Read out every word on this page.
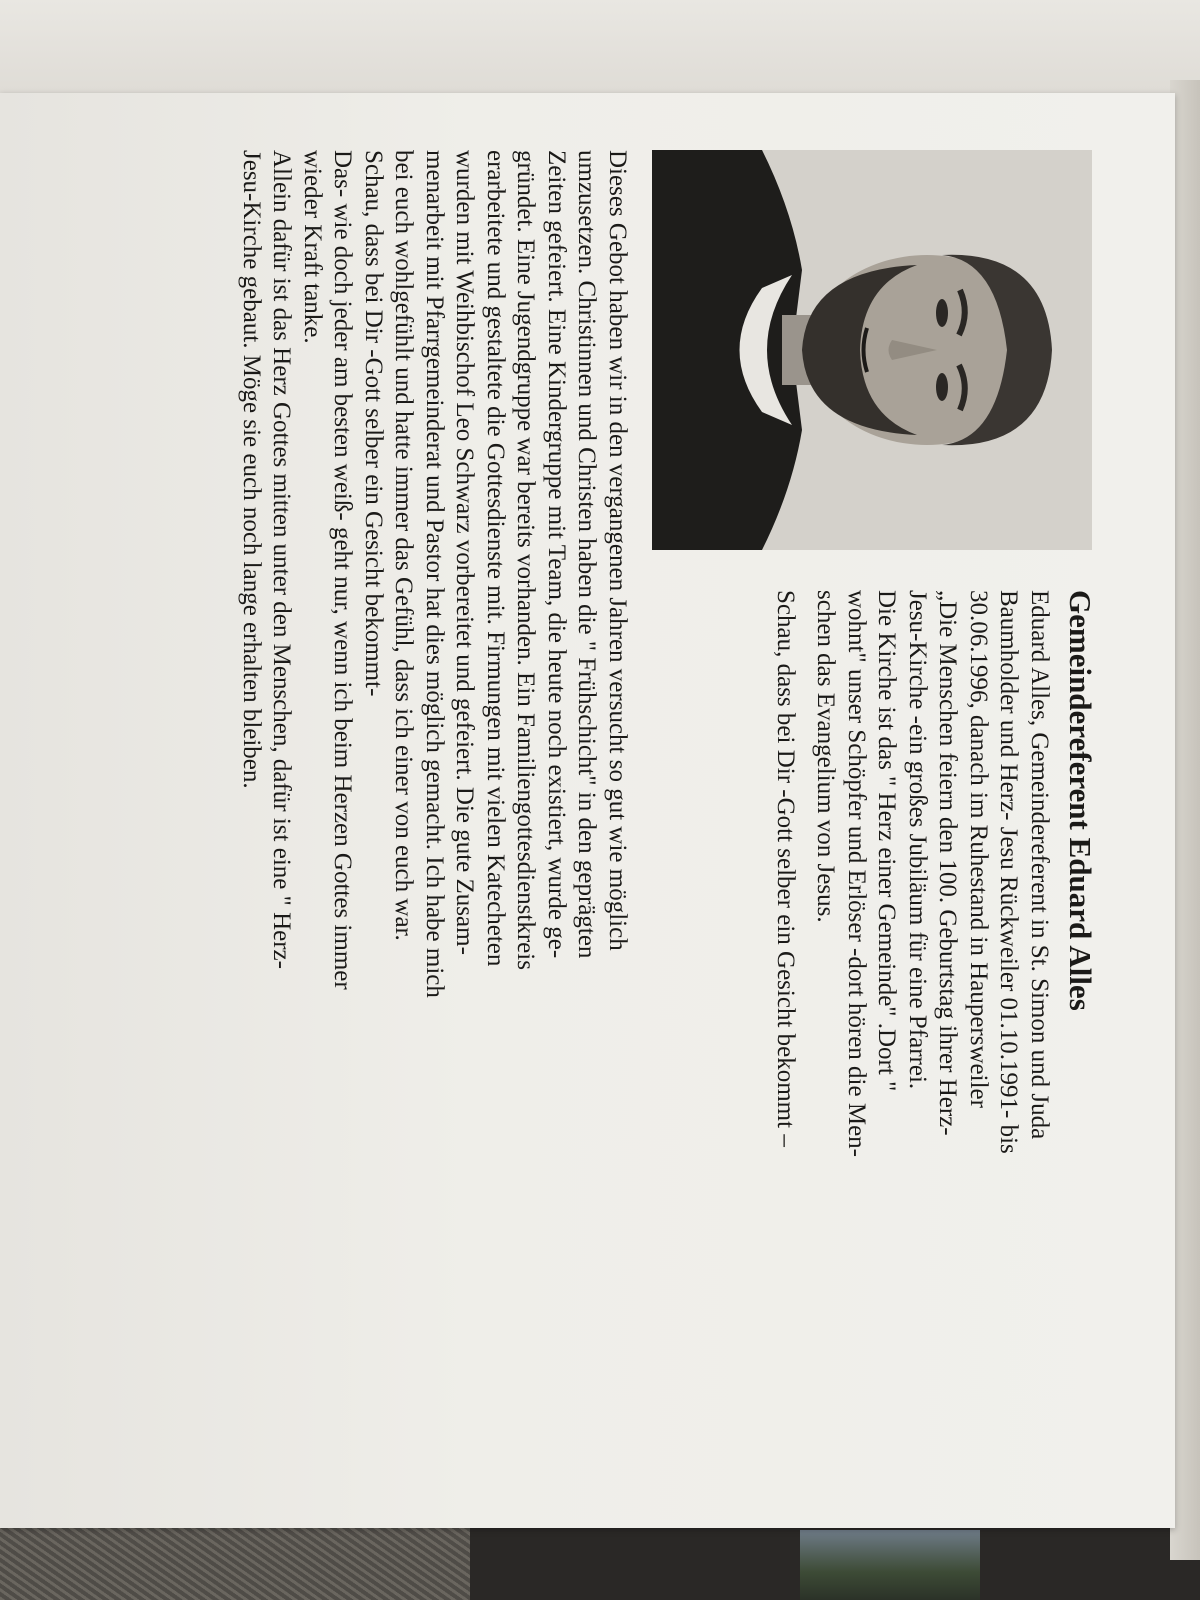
Gemeindereferent Eduard Alles
Eduard Alles, Gemeindereferent in St. Simon und Juda
Baumholder und Herz- Jesu Rückweiler 01.10.1991- bis
30.06.1996, danach im Ruhestand in Haupersweiler
„Die Menschen feiern den 100. Geburtstag ihrer Herz-
Jesu-Kirche -ein großes Jubiläum für eine Pfarrei.
Die Kirche ist das " Herz einer Gemeinde" .Dort "
wohnt" unser Schöpfer und Erlöser -dort hören die Men-
schen das Evangelium von Jesus.
Schau, dass bei Dir -Gott selber ein Gesicht bekommt –
Dieses Gebot haben wir in den vergangenen Jahren versucht so gut wie möglich
umzusetzen. Christinnen und Christen haben die " Frühschicht" in den geprägten
Zeiten gefeiert. Eine Kindergruppe mit Team, die heute noch existiert, wurde ge-
gründet. Eine Jugendgruppe war bereits vorhanden. Ein Familiengottesdienstkreis
erarbeitete und gestaltete die Gottesdienste mit. Firmungen mit vielen Katecheten
wurden mit Weihbischof Leo Schwarz vorbereitet und gefeiert. Die gute Zusam-
menarbeit mit Pfarrgemeinderat und Pastor hat dies möglich gemacht. Ich habe mich
bei euch wohlgefühlt und hatte immer das Gefühl, dass ich einer von euch war.
Schau, dass bei Dir -Gott selber ein Gesicht bekommt-
Das- wie doch jeder am besten weiß- geht nur, wenn ich beim Herzen Gottes immer
wieder Kraft tanke.
Allein dafür ist das Herz Gottes mitten unter den Menschen, dafür ist eine " Herz-
Jesu-Kirche gebaut. Möge sie euch noch lange erhalten bleiben.
